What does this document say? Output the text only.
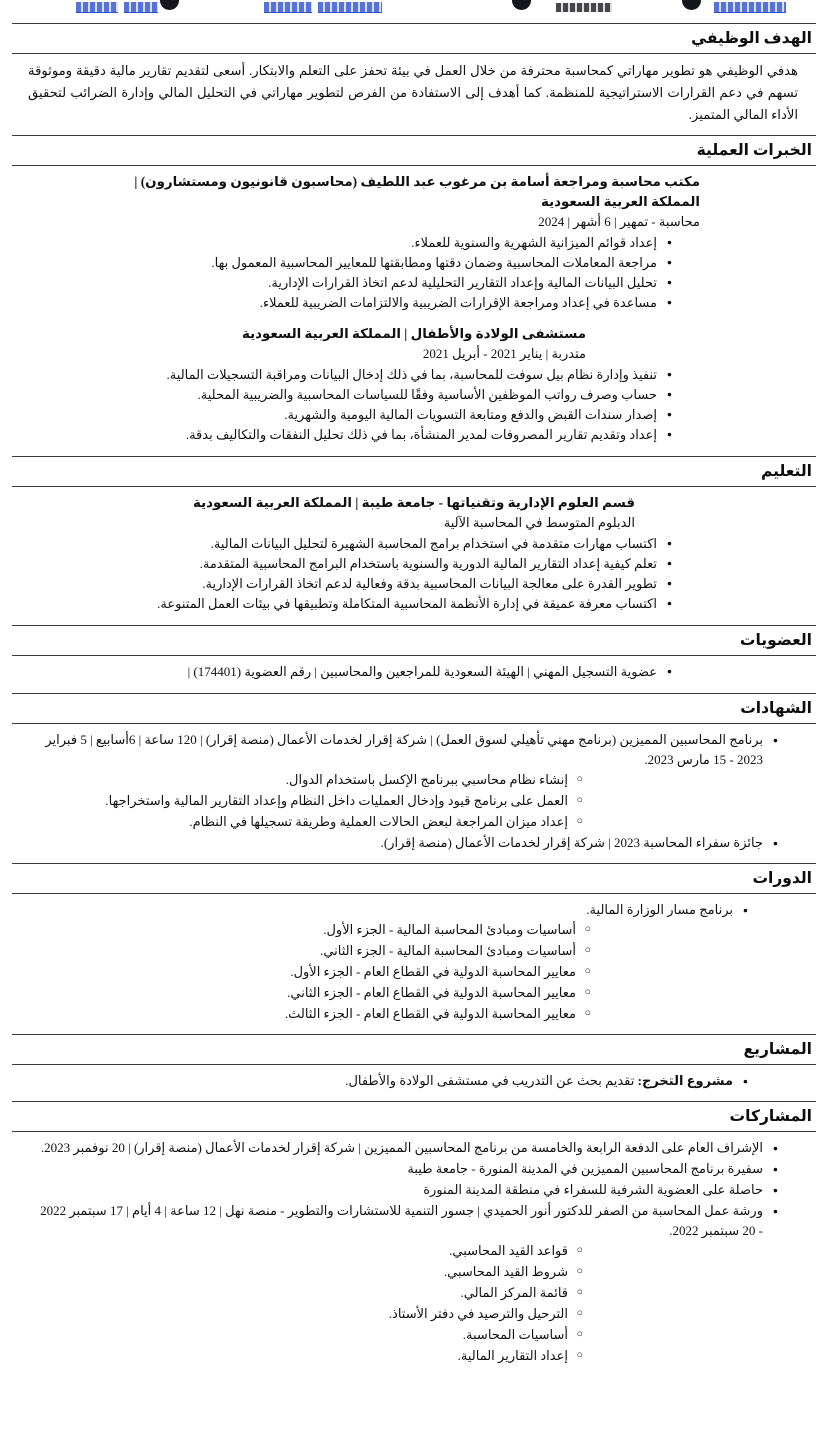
الهدف الوظيفي

هدفي الوظيفي هو تطوير مهاراتي كمحاسبة محترفة من خلال العمل في بيئة تحفز على التعلم والابتكار. أسعى لتقديم تقارير مالية دقيقة وموثوقة تسهم في دعم القرارات الاستراتيجية للمنظمة. كما أهدف إلى الاستفادة من الفرص لتطوير مهاراتي في التحليل المالي وإدارة الضرائب لتحقيق الأداء المالي المتميز.

الخبرات العملية
مكتب محاسبة ومراجعة أسامة بن مرغوب عبد اللطيف (محاسبون قانونيون ومستشارون) | المملكة العربية السعودية
محاسبة - تمهير | 6 أشهر | 2024
● إعداد قوائم الميزانية الشهرية والسنوية للعملاء.
● مراجعة المعاملات المحاسبية وضمان دقتها ومطابقتها للمعايير المحاسبية المعمول بها.
● تحليل البيانات المالية وإعداد التقارير التحليلية لدعم اتخاذ القرارات الإدارية.
● مساعدة في إعداد ومراجعة الإقرارات الضريبية والالتزامات الضريبية للعملاء.
مستشفى الولادة والأطفال | المملكة العربية السعودية
متدربة | يناير 2021 - أبريل 2021
● تنفيذ وإدارة نظام بيل سوفت للمحاسبة، بما في ذلك إدخال البيانات ومراقبة التسجيلات المالية.
● حساب وصرف رواتب الموظفين الأساسية وفقًا للسياسات المحاسبية والضريبية المحلية.
● إصدار سندات القبض والدفع ومتابعة التسويات المالية اليومية والشهرية.
● إعداد وتقديم تقارير المصروفات لمدير المنشأة، بما في ذلك تحليل النفقات والتكاليف بدقة.
التعليم
قسم العلوم الإدارية وتقنياتها - جامعة طيبة | المملكة العربية السعودية
الدبلوم المتوسط في المحاسبة الآلية
● اكتساب مهارات متقدمة في استخدام برامج المحاسبة الشهيرة لتحليل البيانات المالية.
● تعلم كيفية إعداد التقارير المالية الدورية والسنوية باستخدام البرامج المحاسبية المتقدمة.
● تطوير القدرة على معالجة البيانات المحاسبية بدقة وفعالية لدعم اتخاذ القرارات الإدارية.
● اكتساب معرفة عميقة في إدارة الأنظمة المحاسبية المتكاملة وتطبيقها في بيئات العمل المتنوعة.
العضويات
● عضوية التسجيل المهني | الهيئة السعودية للمراجعين والمحاسبين | رقم العضوية (174401) |
الشهادات
● برنامج المحاسبين المميزين (برنامج مهني تأهيلي لسوق العمل) | شركة إقرار لخدمات الأعمال (منصة إقرار) | 120 ساعة | 6أسابيع | 5 فبراير 2023 - 15 مارس 2023.
○ إنشاء نظام محاسبي ببرنامج الإكسل باستخدام الدوال.
○ العمل على برنامج قيود وإدخال العمليات داخل النظام وإعداد التقارير المالية واستخراجها.
○ إعداد ميزان المراجعة لبعض الحالات العملية وطريقة تسجيلها في النظام.
● جائزة سفراء المحاسبة 2023 | شركة إقرار لخدمات الأعمال (منصة إقرار).
الدورات
● برنامج مسار الوزارة المالية.
○ أساسيات ومبادئ المحاسبة المالية - الجزء الأول.
○ أساسيات ومبادئ المحاسبة المالية - الجزء الثاني.
○ معايير المحاسبة الدولية في القطاع العام - الجزء الأول.
○ معايير المحاسبة الدولية في القطاع العام - الجزء الثاني.
○ معايير المحاسبة الدولية في القطاع العام - الجزء الثالث.
المشاريع
● مشروع التخرج: تقديم بحث عن التدريب في مستشفى الولادة والأطفال.
المشاركات
● الإشراف العام على الدفعة الرابعة والخامسة من برنامج المحاسبين المميزين | شركة إقرار لخدمات الأعمال (منصة إقرار) | 20 نوفمبر 2023.
● سفيرة برنامج المحاسبين المميزين في المدينة المنورة - جامعة طيبة
● حاصلة على العضوية الشرفية للسفراء في منطقة المدينة المنورة
● ورشة عمل المحاسبة من الصفر للدكتور أنور الحميدي | جسور التنمية للاستشارات والتطوير - منصة نهل | 12 ساعة | 4 أيام | 17 سبتمبر 2022 - 20 سبتمبر 2022.
○ قواعد القيد المحاسبي.
○ شروط القيد المحاسبي.
○ قائمة المركز المالي.
○ الترحيل والترصيد في دفتر الأستاذ.
○ أساسيات المحاسبة.
○ إعداد التقارير المالية.
